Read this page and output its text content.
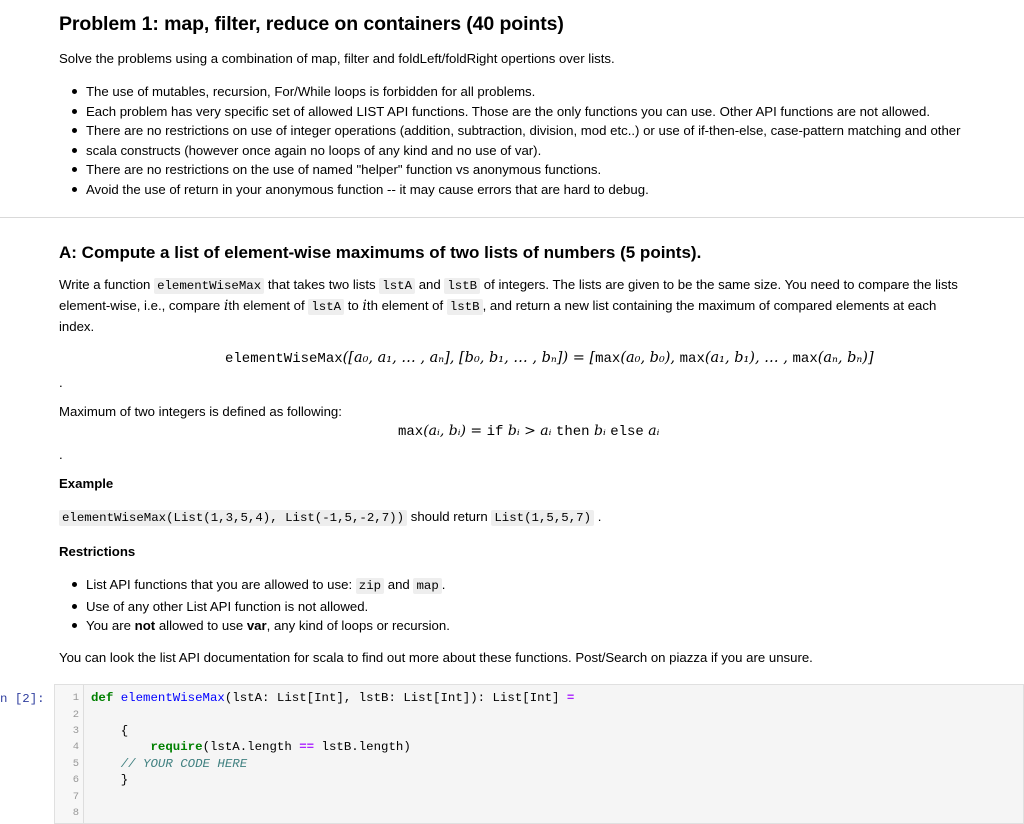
Problem 1: map, filter, reduce on containers (40 points)
Solve the problems using a combination of map, filter and foldLeft/foldRight opertions over lists.
The use of mutables, recursion, For/While loops is forbidden for all problems.
Each problem has very specific set of allowed LIST API functions. Those are the only functions you can use. Other API functions are not allowed.
There are no restrictions on use of integer operations (addition, subtraction, division, mod etc..) or use of if-then-else, case-pattern matching and other
scala constructs (however once again no loops of any kind and no use of var).
There are no restrictions on the use of named "helper" function vs anonymous functions.
Avoid the use of return in your anonymous function -- it may cause errors that are hard to debug.
A: Compute a list of element-wise maximums of two lists of numbers (5 points).
Write a function elementWiseMax that takes two lists lstA and lstB of integers. The lists are given to be the same size. You need to compare the lists
element-wise, i.e., compare ith element of lstA to ith element of lstB , and return a new list containing the maximum of compared elements at each
index.
elementWiseMax([a₀, a₁, … , aₙ], [b₀, b₁, … , bₙ]) = [max(a₀, b₀), max(a₁, b₁), … , max(aₙ, bₙ)]
.
Maximum of two integers is defined as following:
max(aᵢ, bᵢ) = if bᵢ > aᵢ then bᵢ else aᵢ
.
Example
elementWiseMax(List(1,3,5,4), List(-1,5,-2,7)) should return List(1,5,5,7) .
Restrictions
List API functions that you are allowed to use: zip and map .
Use of any other List API function is not allowed.
You are not allowed to use var, any kind of loops or recursion.
You can look the list API documentation for scala to find out more about these functions. Post/Search on piazza if you are unsure.
n [2]:	1
2
3
4
5
6
7
8
def elementWiseMax(lstA: List[Int], lstB: List[Int]): List[Int] =
{
require(lstA.length == lstB.length)
// YOUR CODE HERE
}
